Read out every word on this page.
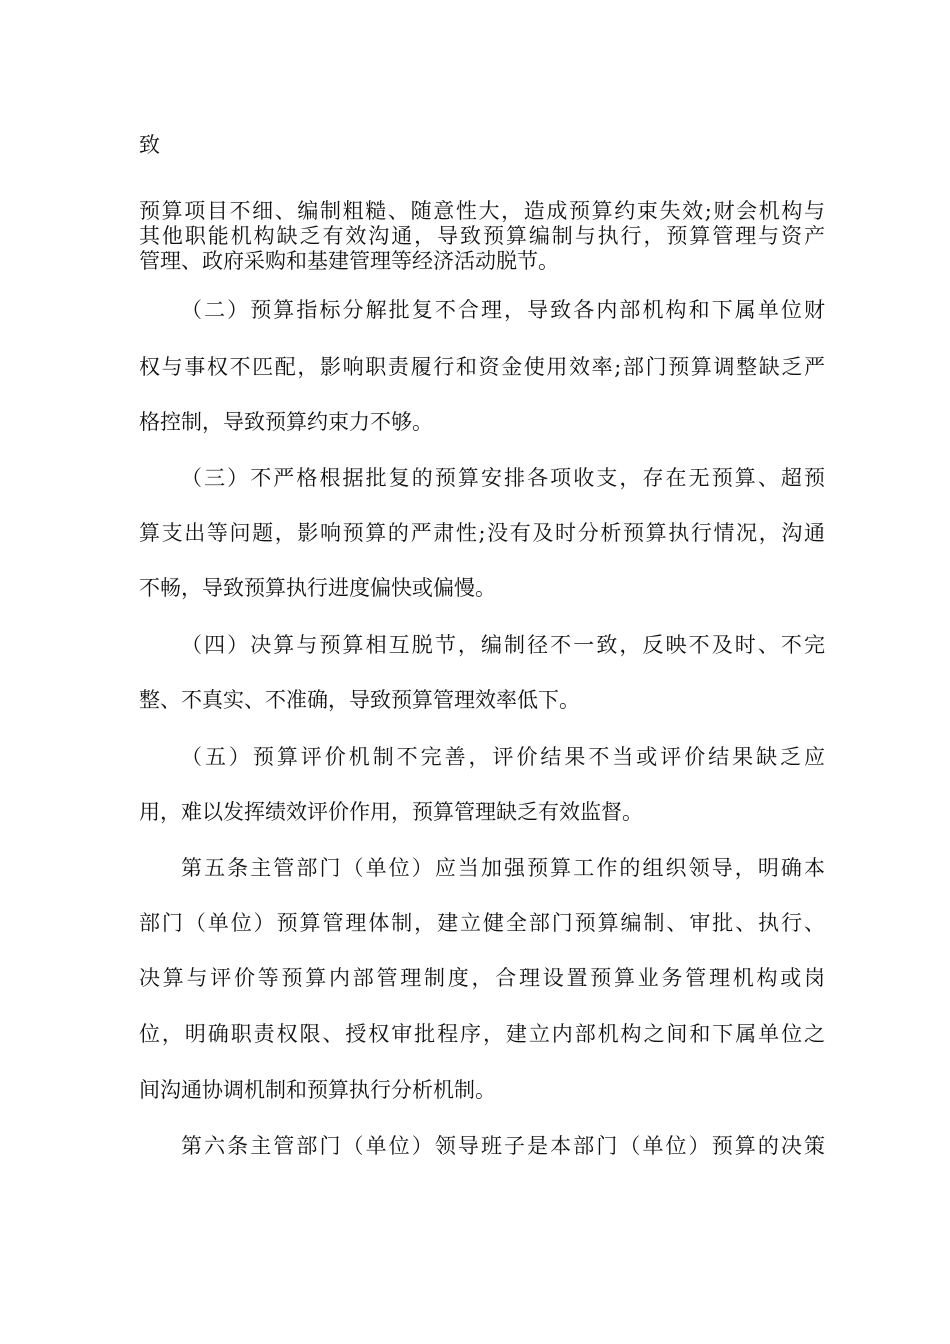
致
预算项目不细、编制粗糙、随意性大，造成预算约束失效;财会机构与
其他职能机构缺乏有效沟通，导致预算编制与执行，预算管理与资产
管理、政府采购和基建管理等经济活动脱节。
（二）预算指标分解批复不合理，导致各内部机构和下属单位财
权与事权不匹配，影响职责履行和资金使用效率;部门预算调整缺乏严
格控制，导致预算约束力不够。
（三）不严格根据批复的预算安排各项收支，存在无预算、超预
算支出等问题，影响预算的严肃性;没有及时分析预算执行情况，沟通
不畅，导致预算执行进度偏快或偏慢。
（四）决算与预算相互脱节，编制径不一致，反映不及时、不完
整、不真实、不准确，导致预算管理效率低下。
（五）预算评价机制不完善，评价结果不当或评价结果缺乏应
用，难以发挥绩效评价作用，预算管理缺乏有效监督。
第五条主管部门（单位）应当加强预算工作的组织领导，明确本
部门（单位）预算管理体制，建立健全部门预算编制、审批、执行、
决算与评价等预算内部管理制度，合理设置预算业务管理机构或岗
位，明确职责权限、授权审批程序，建立内部机构之间和下属单位之
间沟通协调机制和预算执行分析机制。
第六条主管部门（单位）领导班子是本部门（单位）预算的决策
